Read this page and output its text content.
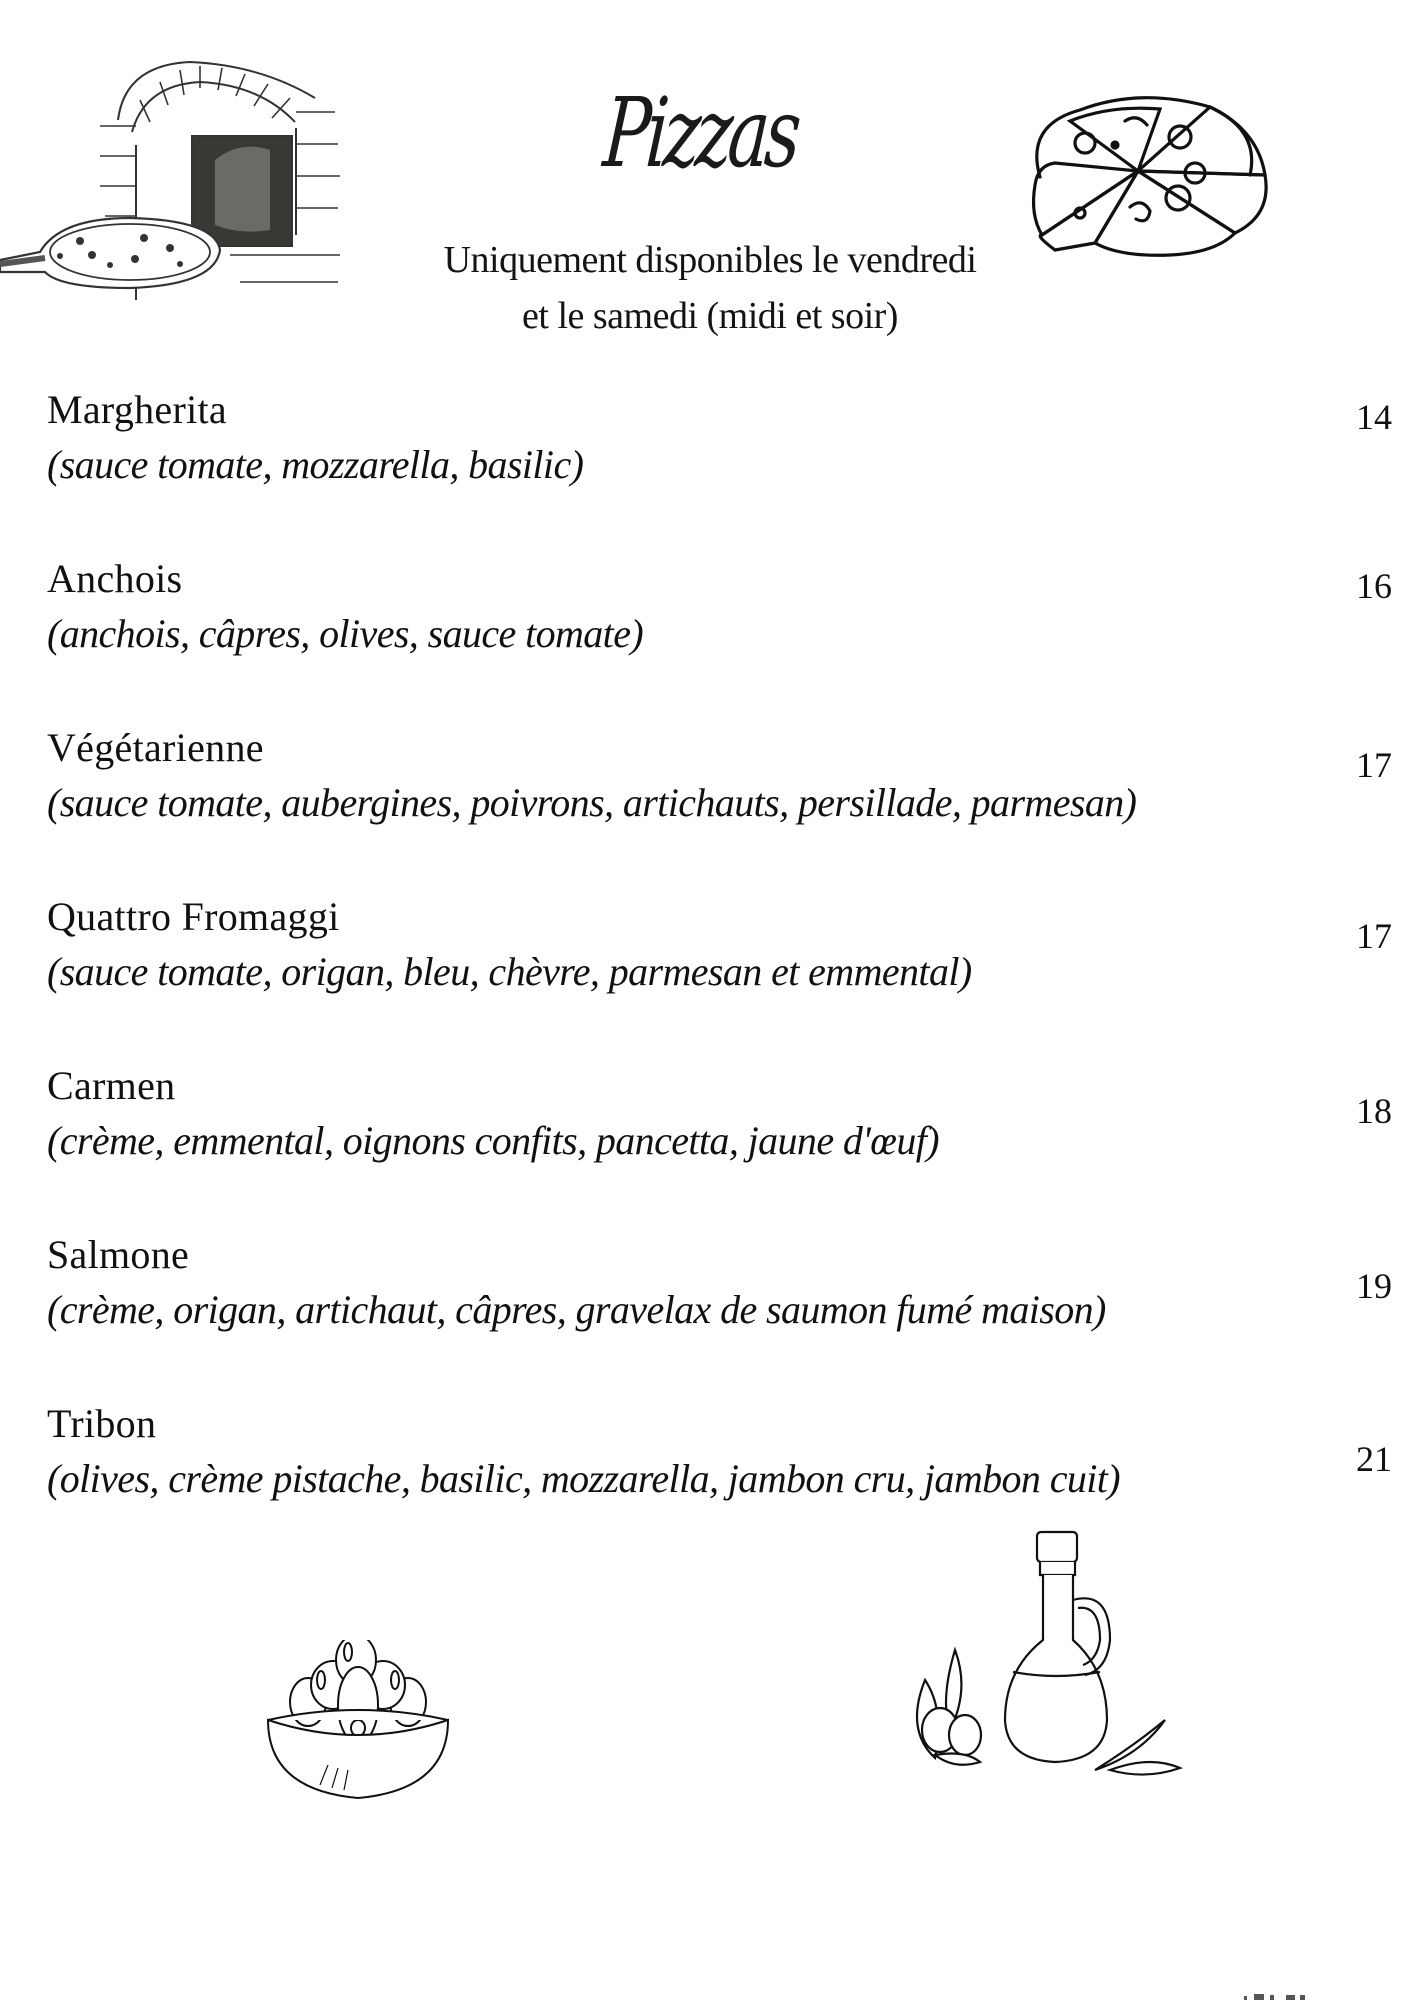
Pizzas
Uniquement disponibles le vendredi
et le samedi (midi et soir)
Margherita
(sauce tomate, mozzarella, basilic)
14
Anchois
(anchois, câpres, olives, sauce tomate)
16
Végétarienne
(sauce tomate, aubergines, poivrons, artichauts, persillade, parmesan)
17
Quattro Fromaggi
(sauce tomate, origan, bleu, chèvre, parmesan et emmental)
17
Carmen
(crème, emmental, oignons confits, pancetta, jaune d'œuf)
18
Salmone
(crème, origan, artichaut, câpres, gravelax de saumon fumé maison)
19
Tribon
(olives, crème pistache, basilic, mozzarella, jambon cru, jambon cuit)	21
